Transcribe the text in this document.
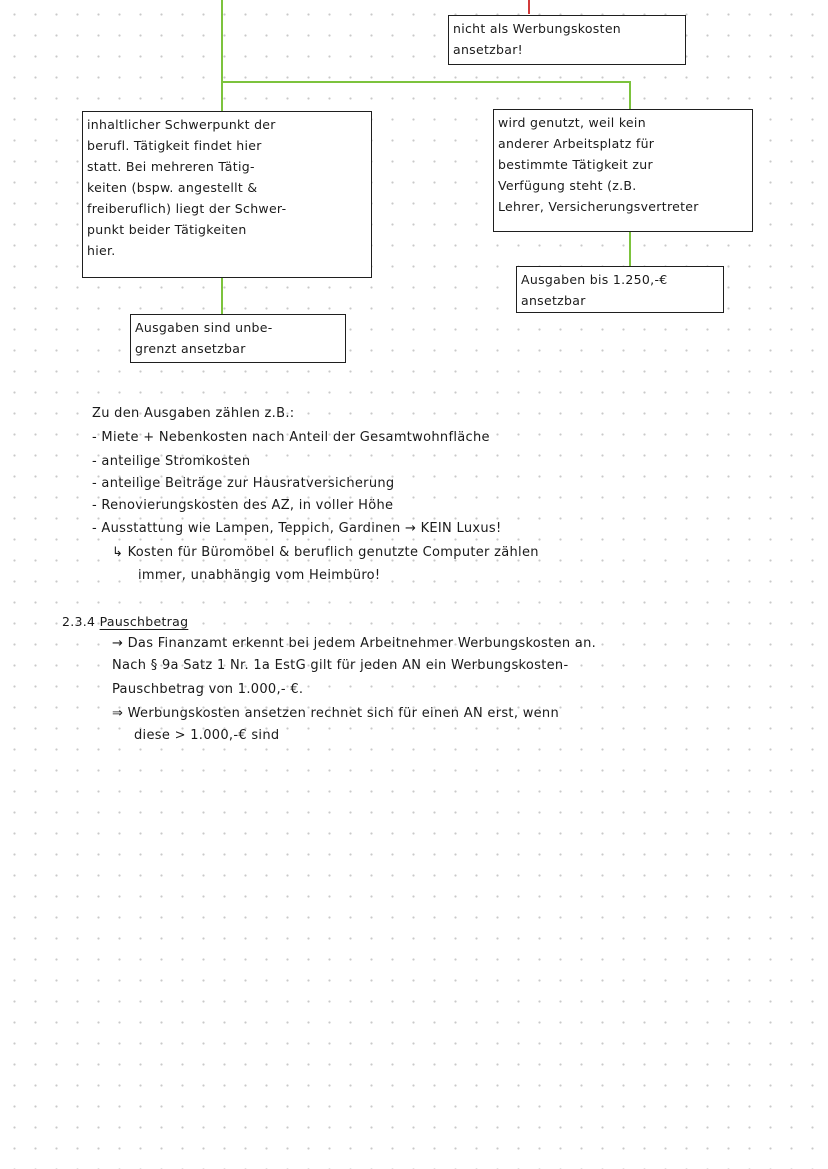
nicht als Werbungskosten
ansetzbar!
inhaltlicher Schwerpunkt der
berufl. Tätigkeit findet hier
statt. Bei mehreren Tätig-
keiten (bspw. angestellt &
freiberuflich) liegt der Schwer-
punkt beider Tätigkeiten
hier.
wird genutzt, weil kein
anderer Arbeitsplatz für
bestimmte Tätigkeit zur
Verfügung steht (z.B.
Lehrer, Versicherungsvertreter
Ausgaben sind unbe-
grenzt ansetzbar
Ausgaben bis 1.250,-€
ansetzbar
Zu den Ausgaben zählen z.B.:
- Miete + Nebenkosten nach Anteil der Gesamtwohnfläche
- anteilige Stromkosten
- anteilige Beiträge zur Hausratversicherung
- Renovierungskosten des AZ, in voller Höhe
- Ausstattung wie Lampen, Teppich, Gardinen → KEIN Luxus!
↳ Kosten für Büromöbel & beruflich genutzte Computer zählen
immer, unabhängig vom Heimbüro!
2.3.4 Pauschbetrag
→ Das Finanzamt erkennt bei jedem Arbeitnehmer Werbungskosten an.
Nach § 9a Satz 1 Nr. 1a EstG gilt für jeden AN ein Werbungskosten-
Pauschbetrag von 1.000,- €.
⇒ Werbungskosten ansetzen rechnet sich für einen AN erst, wenn
diese > 1.000,-€ sind
